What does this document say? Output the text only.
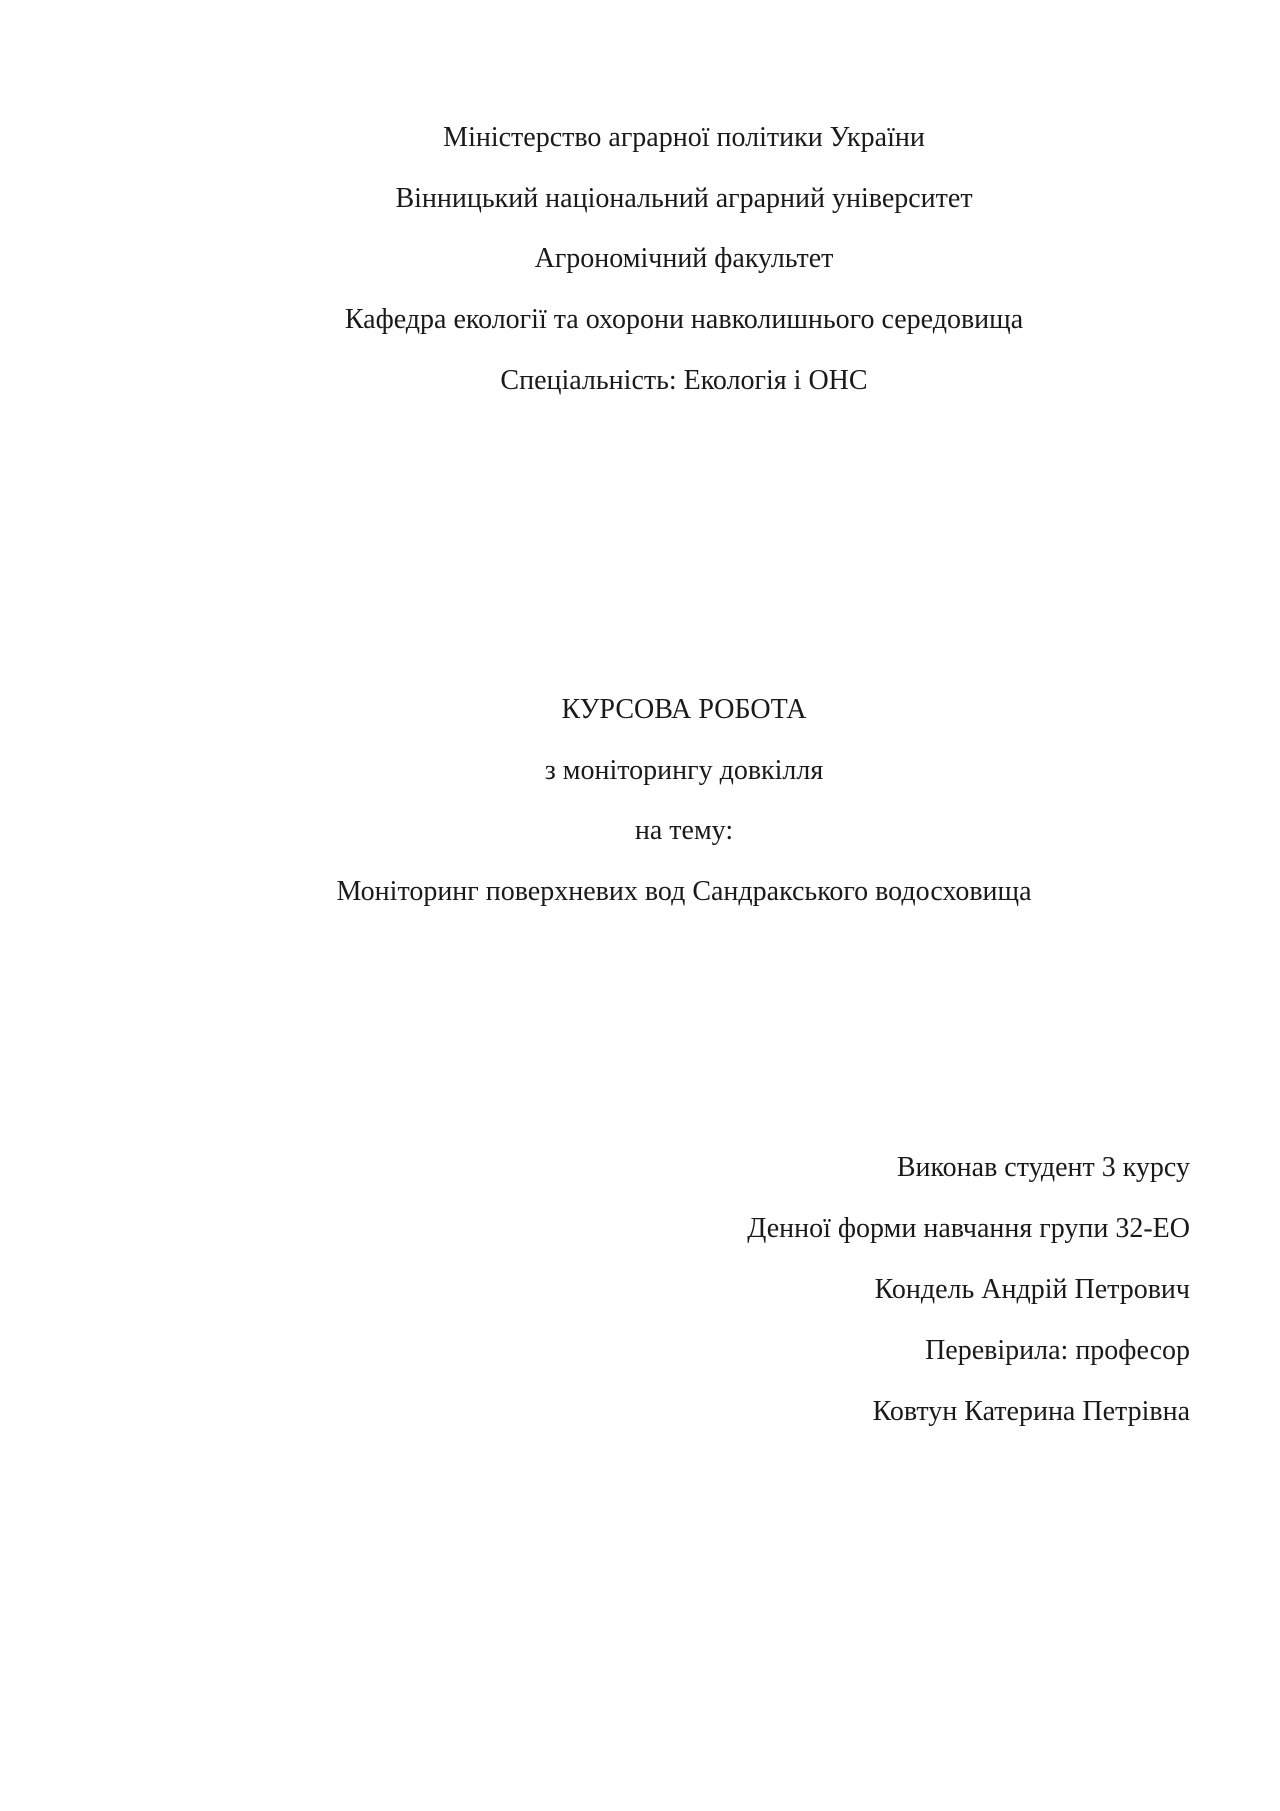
Міністерство аграрної політики України

Вінницький національний аграрний університет

Агрономічний факультет

Кафедра екології та охорони навколишнього середовища

Спеціальність: Екологія і ОНС

КУРСОВА РОБОТА

з моніторингу довкілля

на тему:

Моніторинг поверхневих вод Сандракського водосховища

Виконав студент 3 курсу

Денної форми навчання групи 32-ЕО

Кондель Андрій Петрович

Перевірила: професор

Ковтун Катерина Петрівна
